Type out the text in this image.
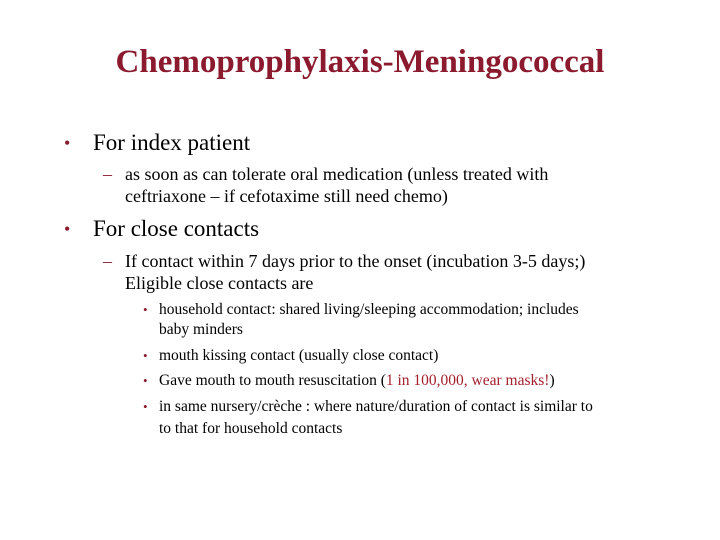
Chemoprophylaxis-Meningococcal
• For index patient
– as soon as can tolerate oral medication (unless treated with
ceftriaxone – if cefotaxime still need chemo)
• For close contacts
– If contact within 7 days prior to the onset (incubation 3-5 days;)
Eligible close contacts are
• household contact: shared living/sleeping accommodation; includes
baby minders
• mouth kissing contact (usually close contact)
• Gave mouth to mouth resuscitation (1 in 100,000, wear masks!)
• in same nursery/crèche : where nature/duration of contact is similar to
to that for household contacts
